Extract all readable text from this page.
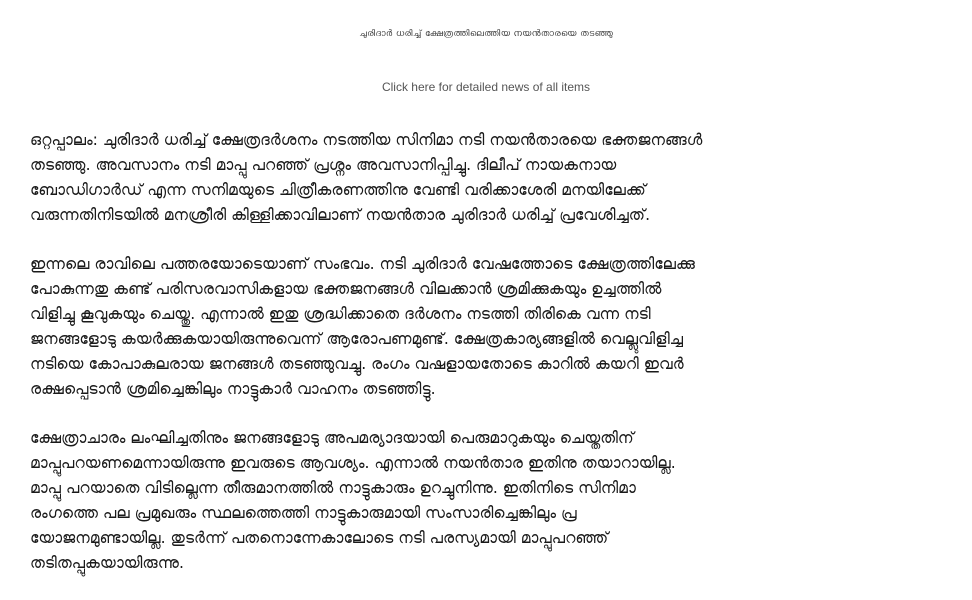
ചുരിദാര്‍ ധരിച്ച് ക്ഷേത്രത്തിലെത്തിയ നയന്‍താരയെ തടഞ്ഞു
Click here for detailed news of all items

ഒറ്റപ്പാലം: ചുരിദാര്‍ ധരിച്ച് ക്ഷേത്രദര്‍ശനം നടത്തിയ സിനിമാ നടി നയന്‍താരയെ ഭക്തജനങ്ങള്‍
തടഞ്ഞു. അവസാനം നടി മാപ്പു പറഞ്ഞ് പ്രശ്നം അവസാനിപ്പിച്ചു. ദിലീപ് നായകനായ
ബോഡിഗാര്‍ഡ് എന്ന സനിമയുടെ ചിത്രീകരണത്തിനു വേണ്ടി വരിക്കാശേരി മനയിലേക്ക്
വരുന്നതിനിടയില്‍ മനശ്രീരി കിള്ളിക്കാവിലാണ് നയന്‍താര ചുരിദാര്‍ ധരിച്ച് പ്രവേശിച്ചത്.

ഇന്നലെ രാവിലെ പത്തരയോടെയാണ് സംഭവം. നടി ചുരിദാര്‍ വേഷത്തോടെ ക്ഷേത്രത്തിലേക്കു
പോകുന്നതു കണ്ട് പരിസരവാസികളായ ഭക്തജനങ്ങള്‍ വിലക്കാന്‍ ശ്രമിക്കുകയും ഉച്ചത്തില്‍
വിളിച്ചു കൂവുകയും ചെയ്തു. എന്നാല്‍ ഇതു ശ്രദ്ധിക്കാതെ ദര്‍ശനം നടത്തി തിരികെ വന്ന നടി
ജനങ്ങളോടു കയര്‍ക്കുകയായിരുന്നുവെന്ന് ആരോപണമുണ്ട്. ക്ഷേത്രകാര്യങ്ങളില്‍ വെല്ലുവിളിച്ച
നടിയെ കോപാകുലരായ ജനങ്ങള്‍ തടഞ്ഞുവച്ചു. രംഗം വഷളായതോടെ കാറില്‍ കയറി ഇവര്‍
രക്ഷപ്പെടാന്‍ ശ്രമിച്ചെങ്കിലും നാട്ടുകാര്‍ വാഹനം തടഞ്ഞിട്ടു.

ക്ഷേത്രാചാരം ലംഘിച്ചതിനും ജനങ്ങളോടു അപമര്യാദയായി പെരുമാറുകയും ചെയ്തതിന്
മാപ്പുപറയണമെന്നായിരുന്നു ഇവരുടെ ആവശ്യം. എന്നാല്‍ നയന്‍താര ഇതിനു തയാറായില്ല.
മാപ്പു പറയാതെ വിടില്ലെന്ന തീരുമാനത്തില്‍ നാട്ടുകാരും ഉറച്ചുനിന്നു. ഇതിനിടെ സിനിമാ
രംഗത്തെ പല പ്രമുഖരും സ്ഥലത്തെത്തി നാട്ടുകാരുമായി സംസാരിച്ചെങ്കിലും പ്ര
യോജനമുണ്ടായില്ല. തുടര്‍ന്ന് പതനൊന്നേകാലോടെ നടി പരസ്യമായി മാപ്പുപറഞ്ഞ്
തടിതപ്പുകയായിരുന്നു.
